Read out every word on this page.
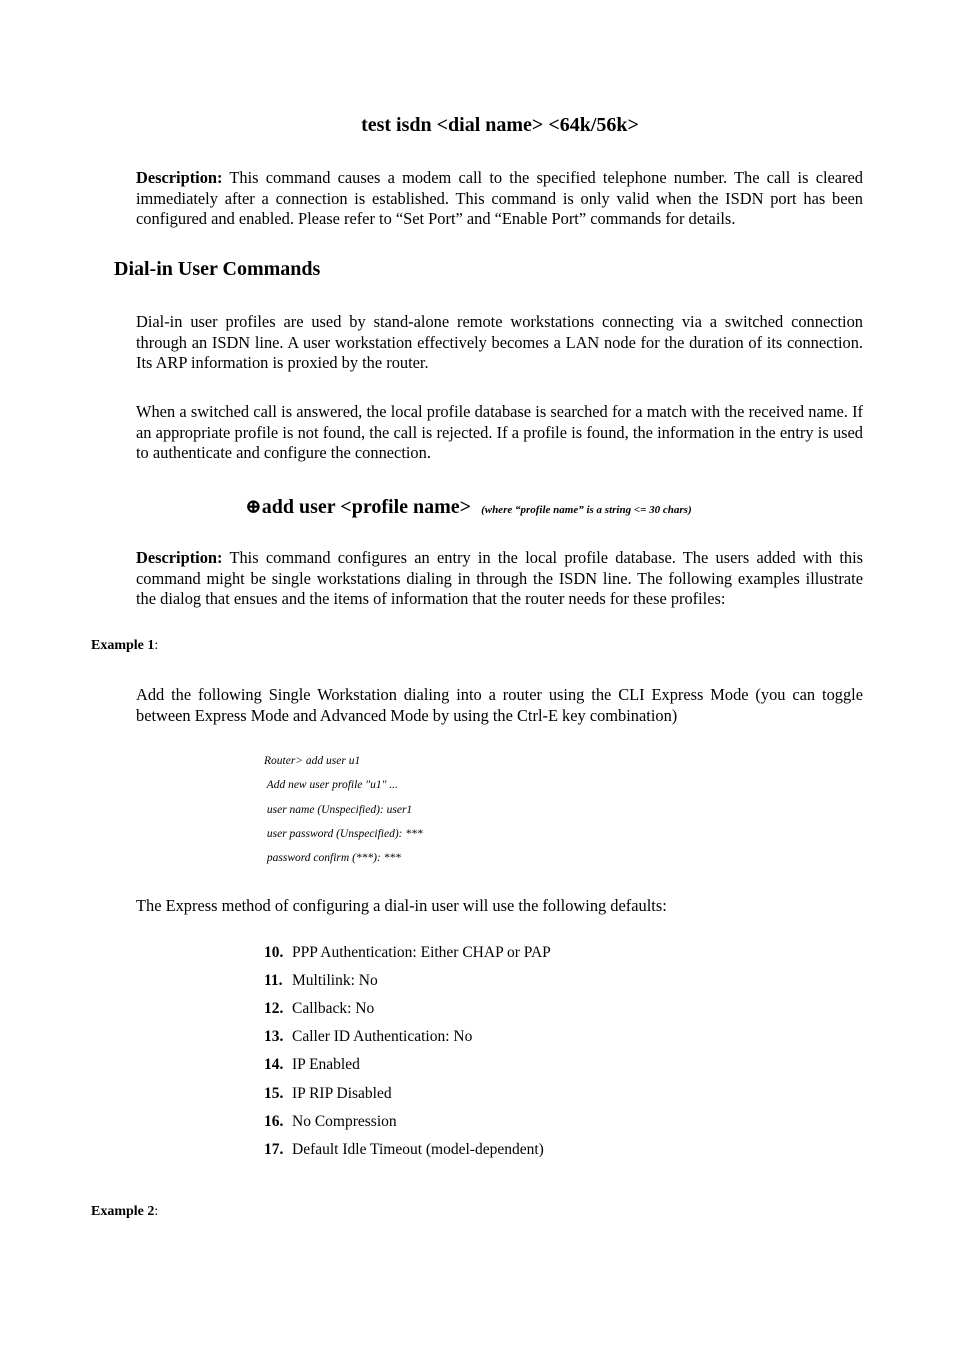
test isdn <dial name> <64k/56k>
Description: This command causes a modem call to the specified telephone number. The call is cleared immediately after a connection is established. This command is only valid when the ISDN port has been configured and enabled. Please refer to “Set Port” and “Enable Port” commands for details.
Dial-in User Commands
Dial-in user profiles are used by stand-alone remote workstations connecting via a switched connection through an ISDN line. A user workstation effectively becomes a LAN node for the duration of its connection. Its ARP information is proxied by the router.
When a switched call is answered, the local profile database is searched for a match with the received name. If an appropriate profile is not found, the call is rejected. If a profile is found, the information in the entry is used to authenticate and configure the connection.
⊕add user <profile name> (where “profile name” is a string <= 30 chars)
Description: This command configures an entry in the local profile database. The users added with this command might be single workstations dialing in through the ISDN line. The following examples illustrate the dialog that ensues and the items of information that the router needs for these profiles:
Example 1:
Add the following Single Workstation dialing into a router using the CLI Express Mode (you can toggle between Express Mode and Advanced Mode by using the Ctrl-E key combination)
Router> add user u1
Add new user profile "u1" ...
user name (Unspecified): user1
user password (Unspecified): ***
password confirm (***): ***
The Express method of configuring a dial-in user will use the following defaults:
10. PPP Authentication: Either CHAP or PAP
11. Multilink: No
12. Callback: No
13. Caller ID Authentication: No
14. IP Enabled
15. IP RIP Disabled
16. No Compression
17. Default Idle Timeout (model-dependent)
Example 2:
